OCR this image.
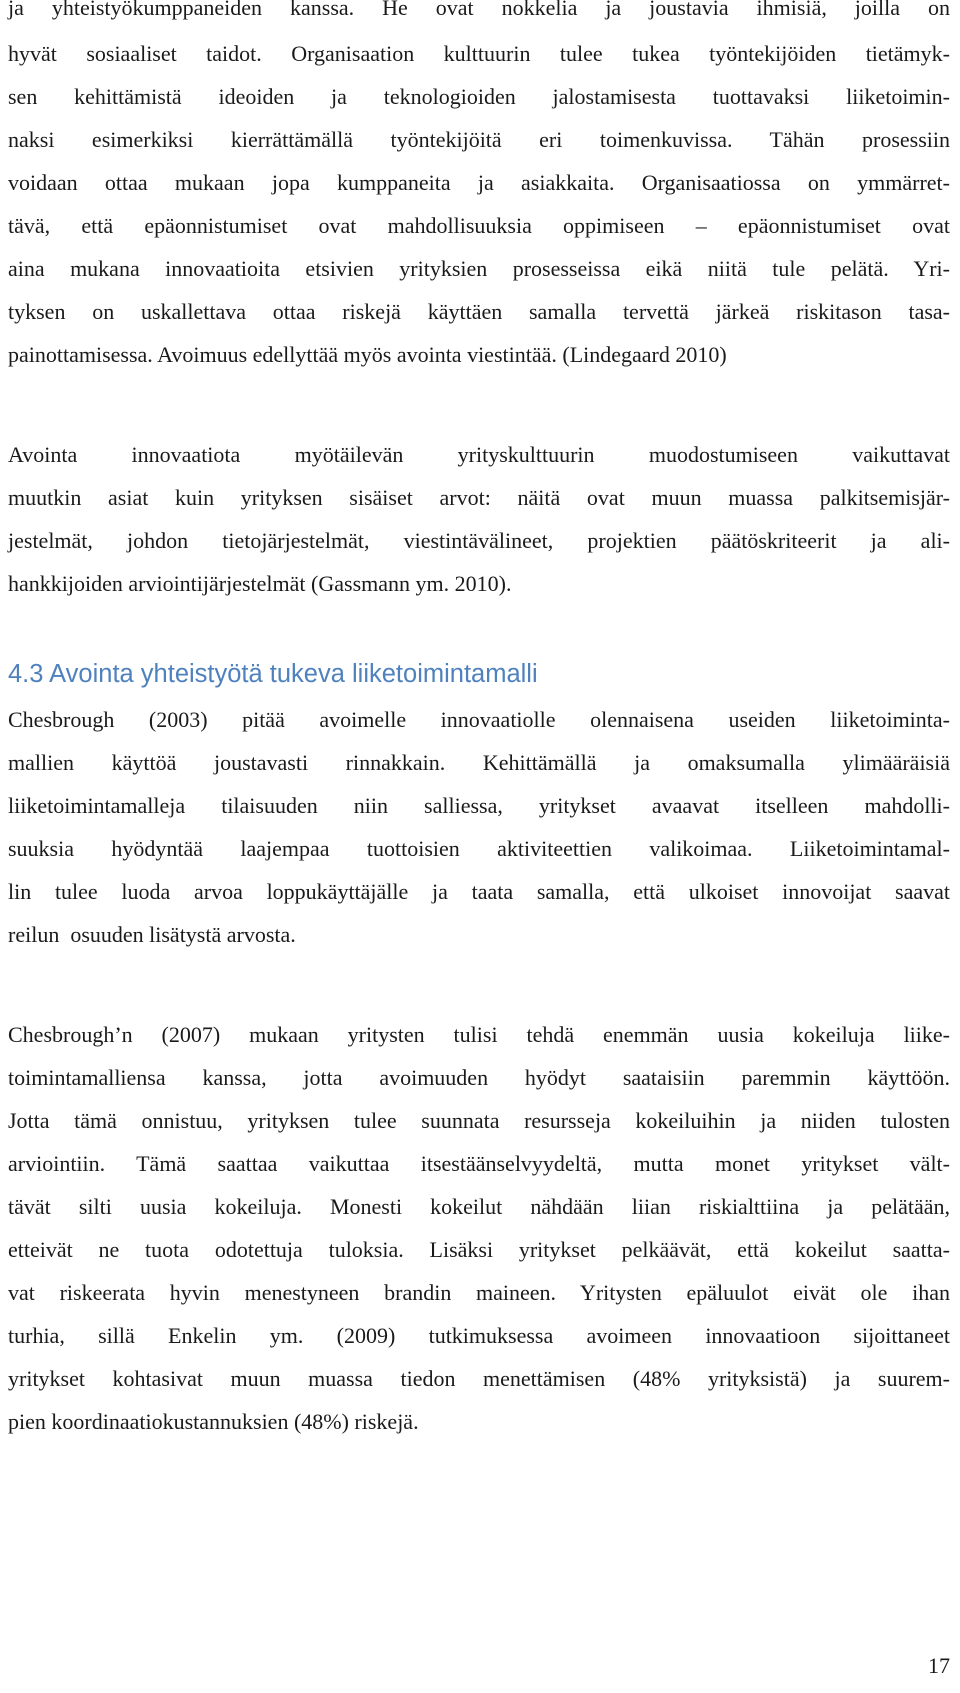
ja yhteistyökumppaneiden kanssa. He ovat nokkelia ja joustavia ihmisiä, joilla on
hyvät sosiaaliset taidot. Organisaation kulttuurin tulee tukea työntekijöiden tietämyk-
sen kehittämistä ideoiden ja teknologioiden jalostamisesta tuottavaksi liiketoimin-
naksi esimerkiksi kierrättämällä työntekijöitä eri toimenkuvissa. Tähän prosessiin
voidaan ottaa mukaan jopa kumppaneita ja asiakkaita. Organisaatiossa on ymmärret-
tävä, että epäonnistumiset ovat mahdollisuuksia oppimiseen – epäonnistumiset ovat
aina mukana innovaatioita etsivien yrityksien prosesseissa eikä niitä tule pelätä. Yri-
tyksen on uskallettava ottaa riskejä käyttäen samalla tervettä järkeä riskitason tasa-
painottamisessa. Avoimuus edellyttää myös avointa viestintää. (Lindegaard 2010)
Avointa innovaatiota myötäilevän yrityskulttuurin muodostumiseen vaikuttavat
muutkin asiat kuin yrityksen sisäiset arvot: näitä ovat muun muassa palkitsemisjär-
jestelmät, johdon tietojärjestelmät, viestintävälineet, projektien päätöskriteerit ja ali-
hankkijoiden arviointijärjestelmät (Gassmann ym. 2010).
4.3 Avointa yhteistyötä tukeva liiketoimintamalli
Chesbrough (2003) pitää avoimelle innovaatiolle olennaisena useiden liiketoiminta-
mallien käyttöä joustavasti rinnakkain. Kehittämällä ja omaksumalla ylimääräisiä
liiketoimintamalleja tilaisuuden niin salliessa, yritykset avaavat itselleen mahdolli-
suuksia hyödyntää laajempaa tuottoisien aktiviteettien valikoimaa. Liiketoimintamal-
lin tulee luoda arvoa loppukäyttäjälle ja taata samalla, että ulkoiset innovoijat saavat
reilun  osuuden lisätystä arvosta.
Chesbrough’n (2007) mukaan yritysten tulisi tehdä enemmän uusia kokeiluja liike-
toimintamalliensa kanssa, jotta avoimuuden hyödyt saataisiin paremmin käyttöön.
Jotta tämä onnistuu, yrityksen tulee suunnata resursseja kokeiluihin ja niiden tulosten
arviointiin. Tämä saattaa vaikuttaa itsestäänselvyydeltä, mutta monet yritykset vält-
tävät silti uusia kokeiluja. Monesti kokeilut nähdään liian riskialttiina ja pelätään,
etteivät ne tuota odotettuja tuloksia. Lisäksi yritykset pelkäävät, että kokeilut saatta-
vat riskeerata hyvin menestyneen brandin maineen. Yritysten epäluulot eivät ole ihan
turhia, sillä Enkelin ym. (2009) tutkimuksessa avoimeen innovaatioon sijoittaneet
yritykset kohtasivat muun muassa tiedon menettämisen (48% yrityksistä) ja suurem-
pien koordinaatiokustannuksien (48%) riskejä.
17
